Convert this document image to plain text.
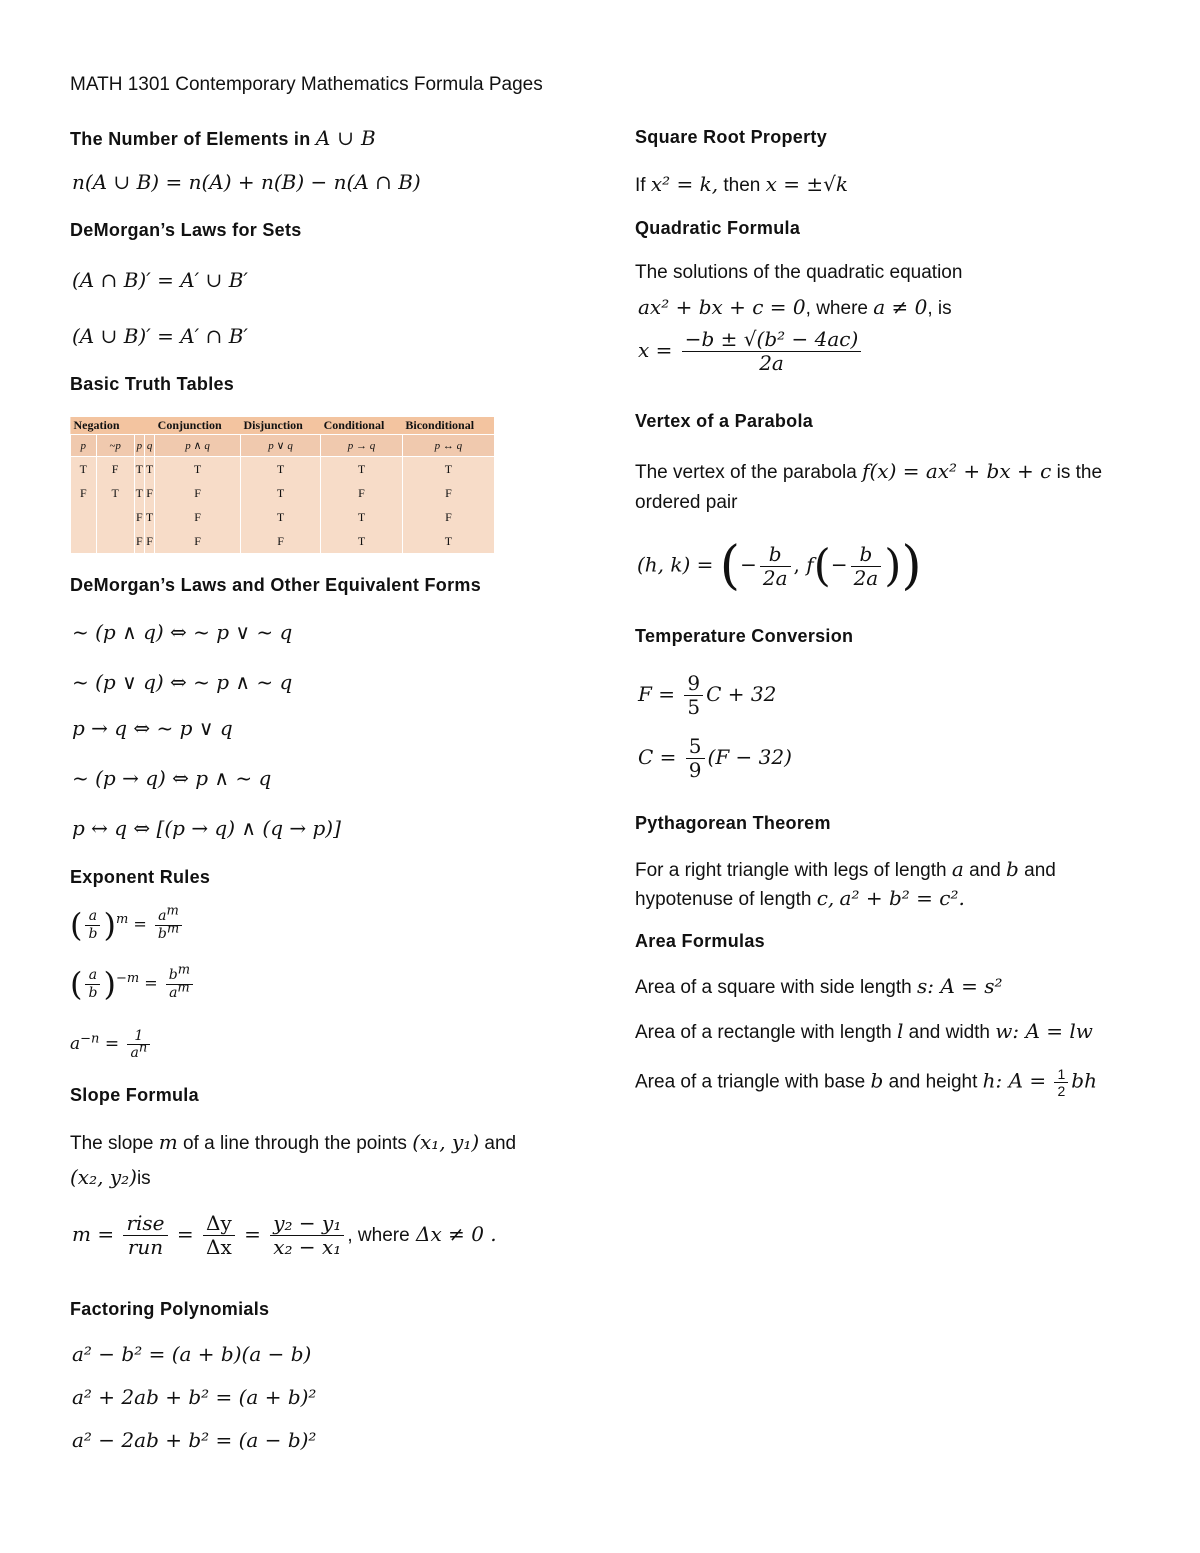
MATH 1301 Contemporary Mathematics Formula Pages
The Number of Elements in A ∪ B
n(A ∪ B) = n(A) + n(B) − n(A ∩ B)
DeMorgan’s Laws for Sets
(A ∩ B)′ = A′ ∪ B′
(A ∪ B)′ = A′ ∩ B′
Basic Truth Tables
Negation				Conjunction	Disjunction	Conditional	Biconditional
p	~p	p	q	p ∧ q	p ∨ q	p → q	p ↔ q
T	F	T	T	T	T	T	T
F	T	T	F	F	T	F	F
		F	T	F	T	T	F
		F	F	F	F	T	T
DeMorgan’s Laws and Other Equivalent Forms
~ (p ∧ q) ⇔ ~ p ∨ ~ q
~ (p ∨ q) ⇔ ~ p ∧ ~ q
p → q ⇔ ~ p ∨ q
~ (p → q) ⇔ p ∧ ~ q
p ↔ q ⇔ [(p → q) ∧ (q → p)]
Exponent Rules
( $\frac{a}{b} )^m = \frac{a^m}{b^m}$
( $\frac{a}{b} )^{-m} = \frac{b^m}{a^m}$
$a^{-n} = \frac{1}{a^n}$
Slope Formula
The slope m of a line through the points (x₁, y₁) and
(x₂, y₂)is
$m = \frac{\text{rise}}{\text{run}} = \frac{\Delta y}{\Delta x} = \frac{\text{y₂ − y₁}}{\text{x₂ − x₁}}$ , where Δx ≠ 0 .
Factoring Polynomials
a² − b² = (a + b)(a − b)
a² + 2ab + b² = (a + b)²
a² − 2ab + b² = (a − b)²
Square Root Property
If x² = k, then x = ±√k
Quadratic Formula
The solutions of the quadratic equation
ax² + bx + c = 0, where a ≠ 0, is
$x = \frac{\text{−b ± √(b² − 4ac)}}{2a}$
Vertex of a Parabola
The vertex of the parabola f(x) = ax² + bx + c is the
ordered pair
(h, k) = (− $\frac{b}{2a}$ , $f(- \frac{b}{2a}$ ))
Temperature Conversion
$F = \frac{9}{5}$ C + 32
$C = \frac{5}{9} (F - 32)$
Pythagorean Theorem
For a right triangle with legs of length a and b and
hypotenuse of length c, a² + b² = c².
Area Formulas
Area of a square with side length s: A = s²
Area of a rectangle with length l and width w: A = lw
Area of a triangle with base b and height h: $A = \frac{1}{2}$ bh
